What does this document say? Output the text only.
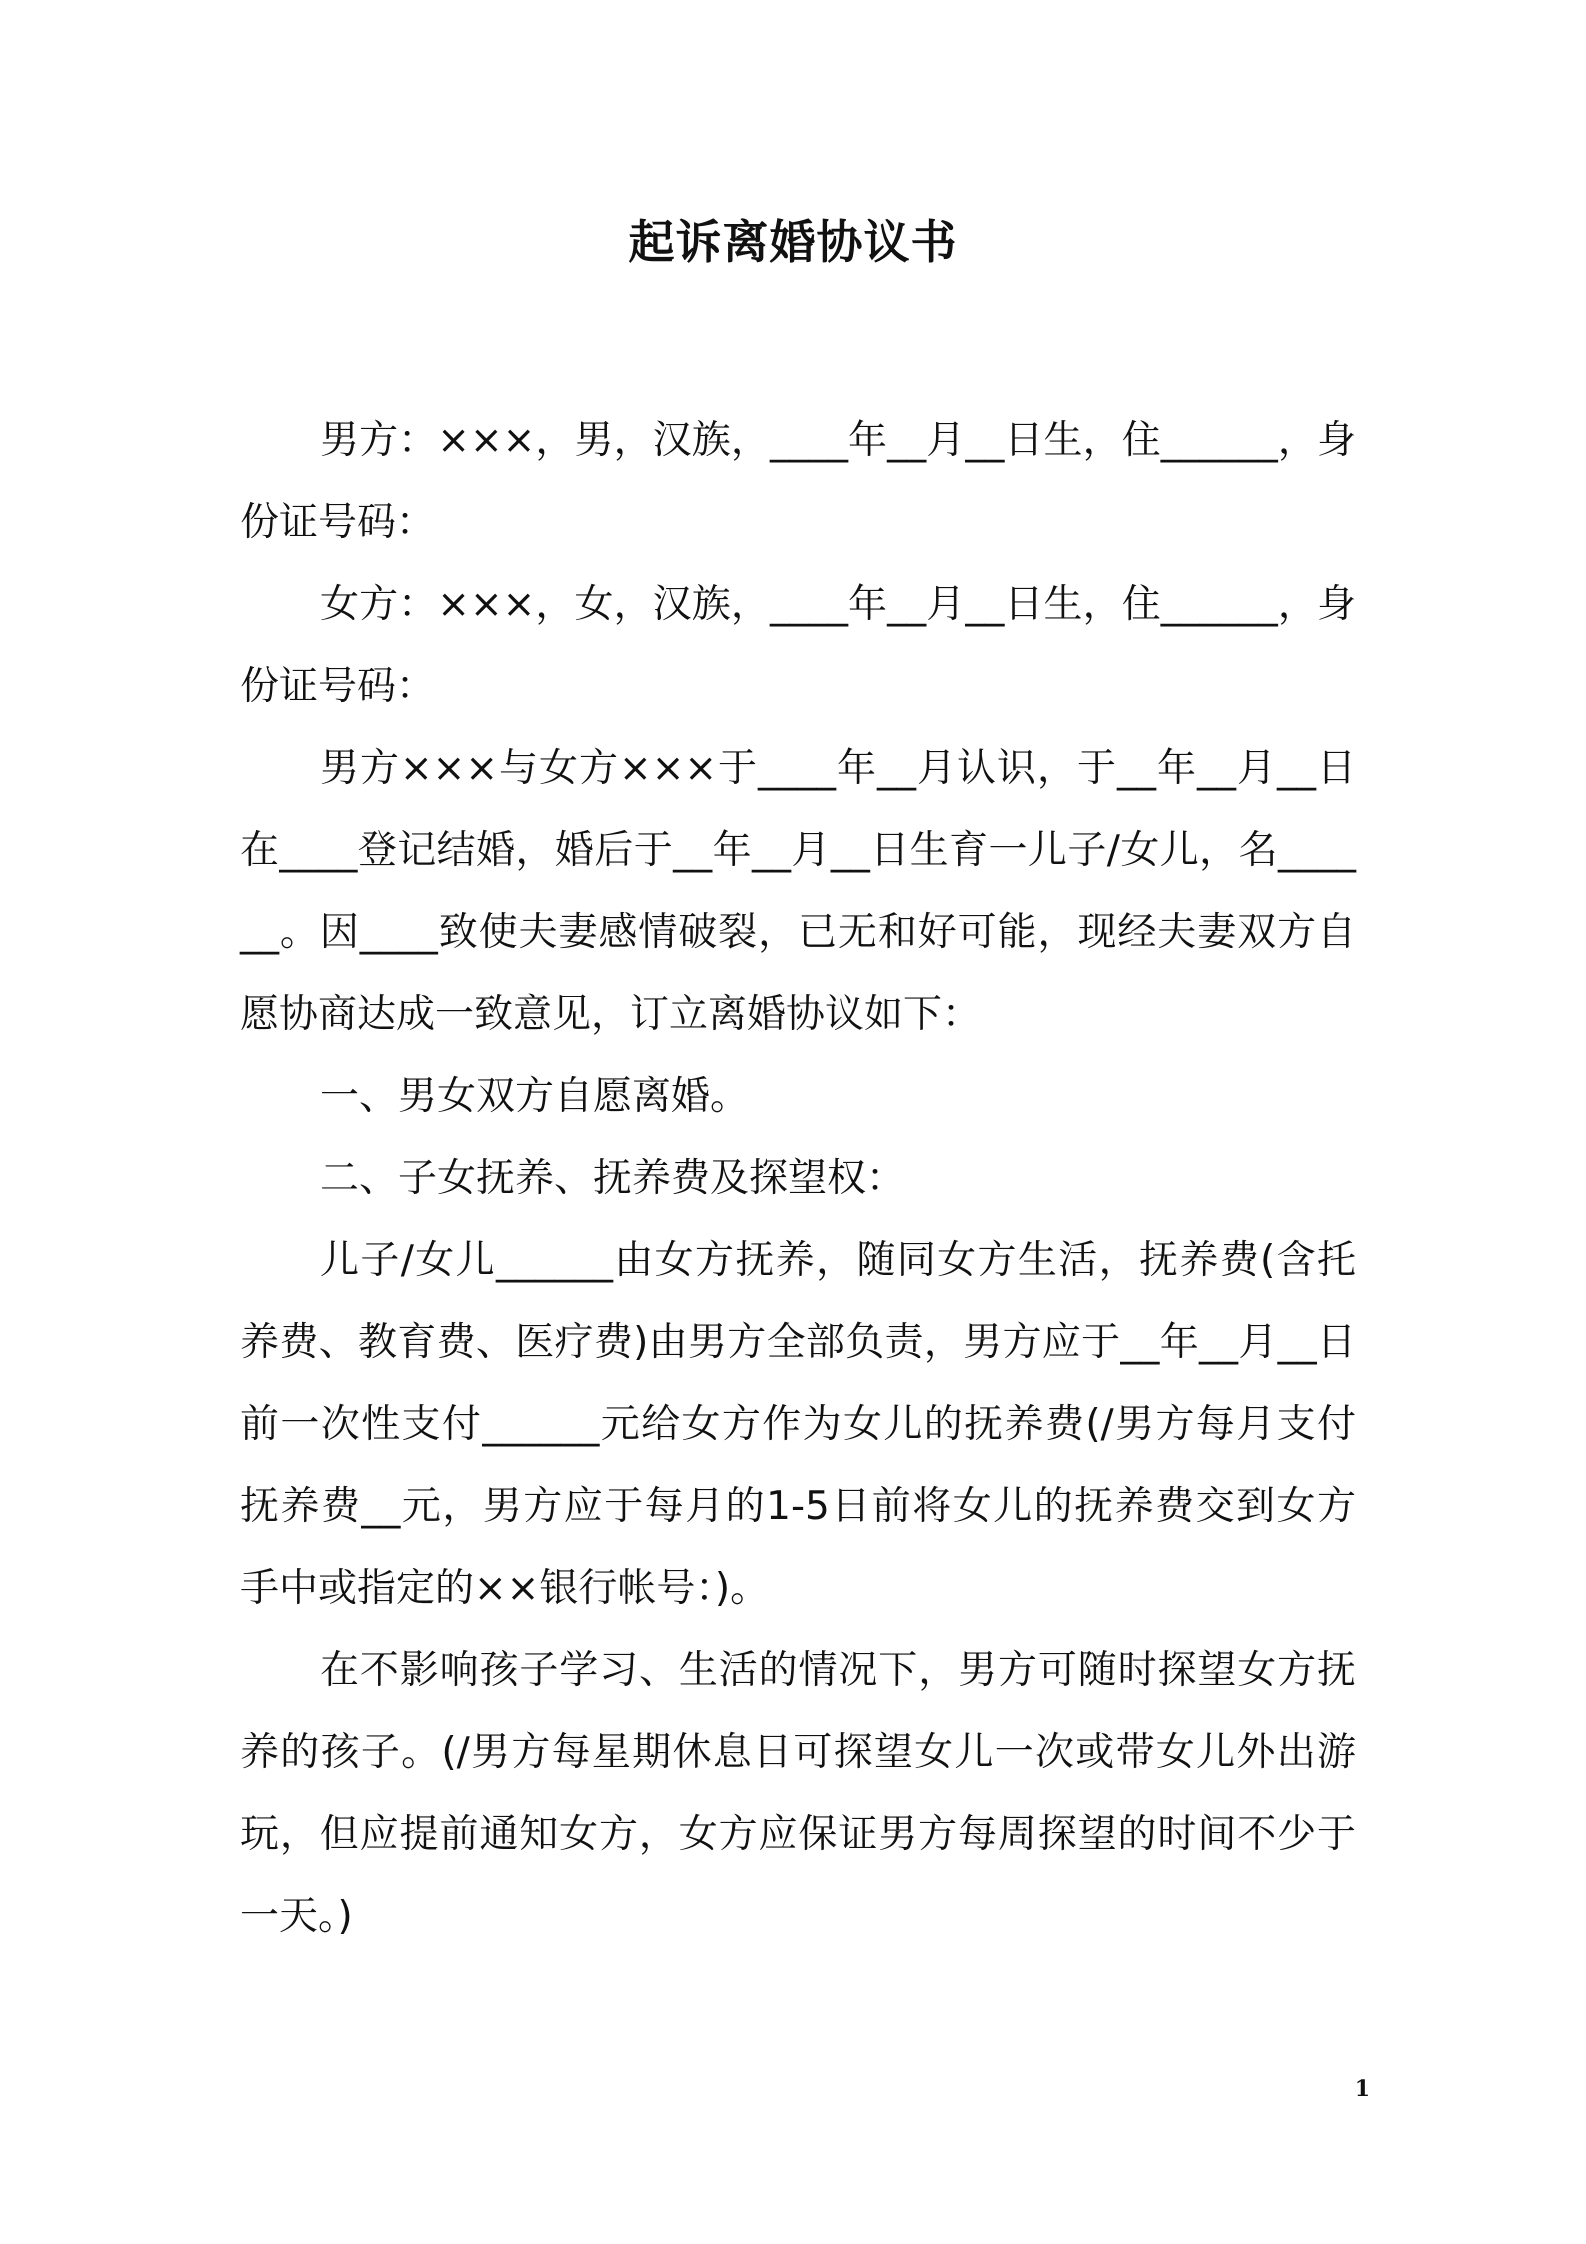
起诉离婚协议书

男方：×××，男，汉族，____年__月__日生，住______，身份证号码：

女方：×××，女，汉族，____年__月__日生，住______，身份证号码：

男方×××与女方×××于____年__月认识，于__年__月__日在____登记结婚，婚后于__年__月__日生育一儿子/女儿，名______。因____致使夫妻感情破裂，已无和好可能，现经夫妻双方自愿协商达成一致意见，订立离婚协议如下：

一、男女双方自愿离婚。

二、子女抚养、抚养费及探望权：

儿子/女儿______由女方抚养，随同女方生活，抚养费(含托养费、教育费、医疗费)由男方全部负责，男方应于__年__月__日前一次性支付______元给女方作为女儿的抚养费(/男方每月支付抚养费__元，男方应于每月的1-5日前将女儿的抚养费交到女方手中或指定的××银行帐号：)。

在不影响孩子学习、生活的情况下，男方可随时探望女方抚养的孩子。(/男方每星期休息日可探望女儿一次或带女儿外出游玩，但应提前通知女方，女方应保证男方每周探望的时间不少于一天。)

1
